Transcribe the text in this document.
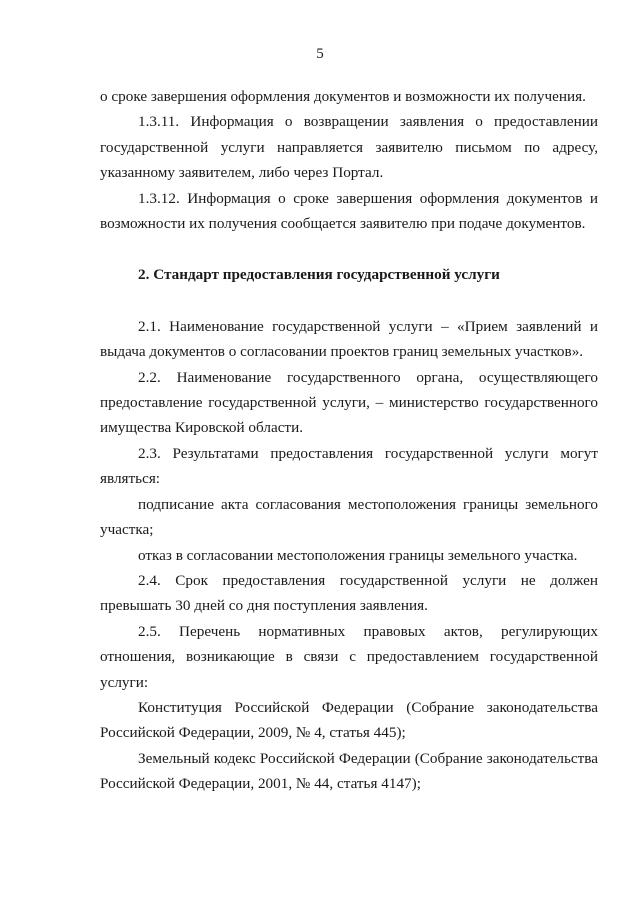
5

о сроке завершения оформления документов и возможности их получения.

1.3.11. Информация о возвращении заявления о предоставлении государственной услуги направляется заявителю письмом по адресу, указанному заявителем, либо через Портал.

1.3.12. Информация о сроке завершения оформления документов и возможности их получения сообщается заявителю при подаче документов.

2. Стандарт предоставления государственной услуги

2.1. Наименование государственной услуги – «Прием заявлений и выдача документов о согласовании проектов границ земельных участков».

2.2. Наименование государственного органа, осуществляющего предоставление государственной услуги, – министерство государственного имущества Кировской области.

2.3. Результатами предоставления государственной услуги могут являться:

подписание акта согласования местоположения границы земельного участка;

отказ в согласовании местоположения границы земельного участка.

2.4. Срок предоставления государственной услуги не должен превышать 30 дней со дня поступления заявления.

2.5. Перечень нормативных правовых актов, регулирующих отношения, возникающие в связи с предоставлением государственной услуги:

Конституция Российской Федерации (Собрание законодательства Российской Федерации, 2009, № 4, статья 445);

Земельный кодекс Российской Федерации (Собрание законодательства Российской Федерации, 2001, № 44, статья 4147);
